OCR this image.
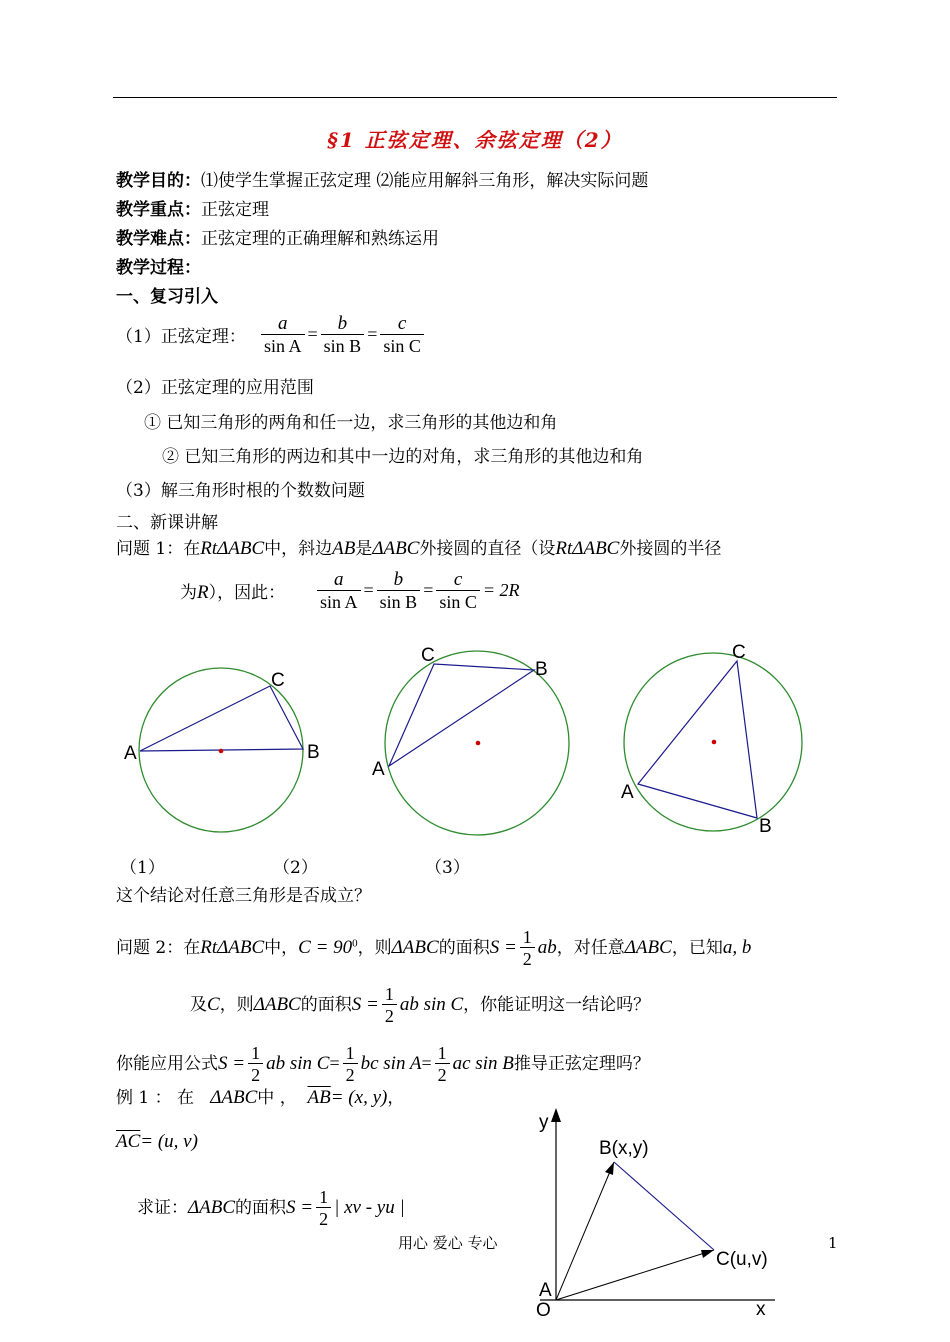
§1 正弦定理、余弦定理（2）
教学目的：⑴使学生掌握正弦定理 ⑵能应用解斜三角形，解决实际问题
教学重点：正弦定理
教学难点：正弦定理的正确理解和熟练运用
教学过程：
一、复习引入
（1）正弦定理： $\frac{a}{\text{sin A}} = \frac{b}{\text{sin B}} = \frac{c}{\text{sin C}}$
（2）正弦定理的应用范围
① 已知三角形的两角和任一边，求三角形的其他边和角
② 已知三角形的两边和其中一边的对角，求三角形的其他边和角
（3）解三角形时根的个数数问题
二、新课讲解
问题 1：在RtΔABC中，斜边AB是ΔABC外接圆的直径（设RtΔABC外接圆的半径
为R），因此： $\frac{a}{\text{sin A}} = \frac{b}{\text{sin B}} = \frac{c}{\text{sin C}} = 2R$
A	B
C
A
B
C
A
B
C
y
x
O
A
B(x,y)
C(u,v)
（1）	（2）	（3）
这个结论对任意三角形是否成立？
问题 2：在RtΔABC中，$C = 90^0$，则ΔABC的面积$S = \frac{1}{2}$ ab，对任意ΔABC，已知a, b
及C，则ΔABC的面积$S = \frac{1}{2}$ ab sin C，你能证明这一结论吗？
你能应用公式$S = \frac{1}{2}$ ab $\sin C= \frac{1}{2}$ bc $\sin A= \frac{1}{2}$ ac sin B推导正弦定理吗？
例 1 ： 在 ΔABC中 ， $\overline{AB}= (x$, y)，
$\overline{AC}= (u$, v)
求证：ΔABC的面积$S = \frac{1}{2}$ | xv - yu |
用心 爱心 专心	1
